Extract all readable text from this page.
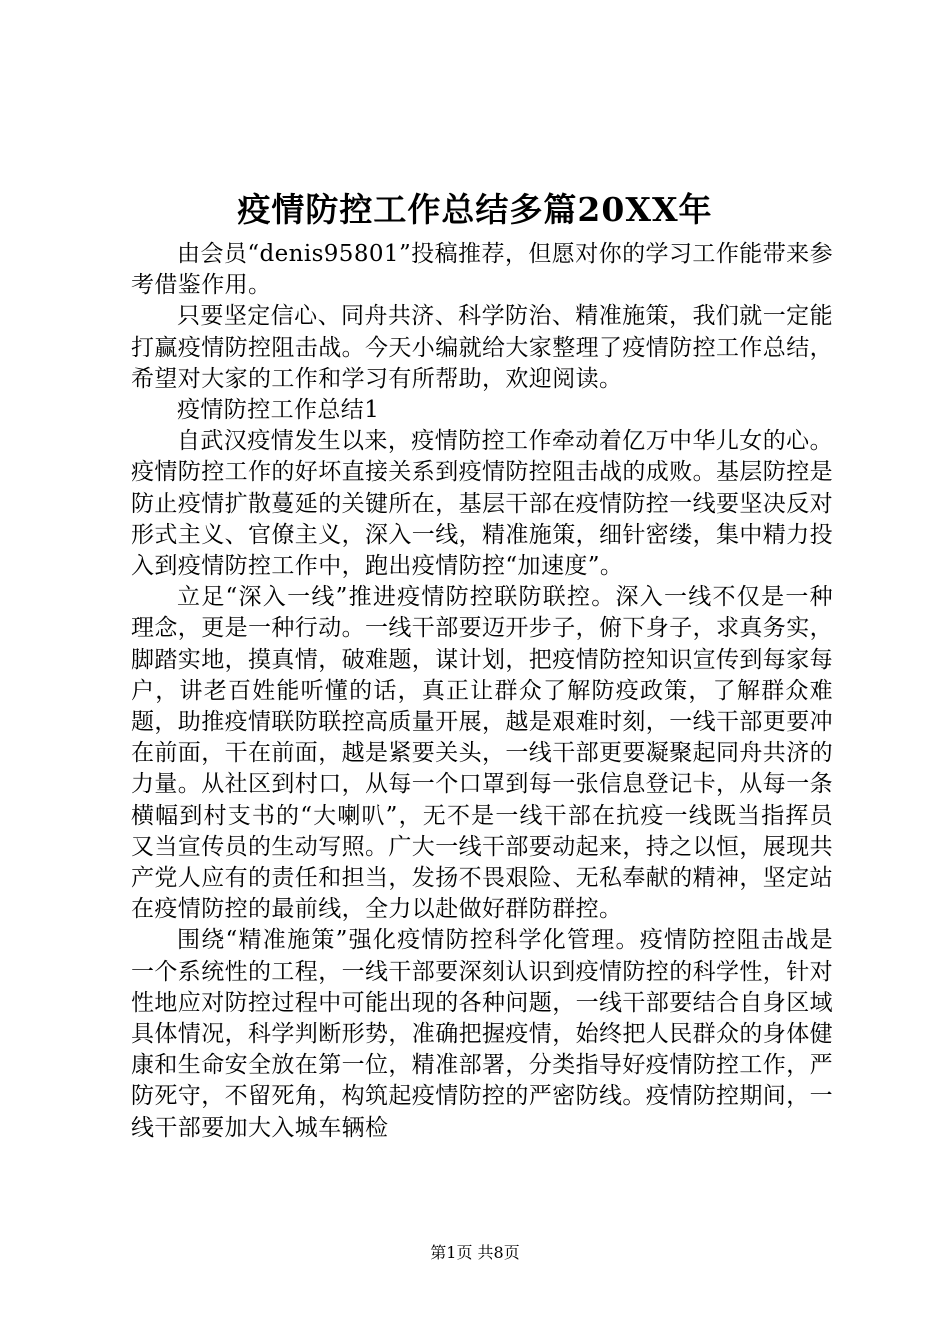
疫情防控工作总结多篇20XX年

由会员“denis95801”投稿推荐，但愿对你的学习工作能带来参考借鉴作用。

只要坚定信心、同舟共济、科学防治、精准施策，我们就一定能打赢疫情防控阻击战。今天小编就给大家整理了疫情防控工作总结，希望对大家的工作和学习有所帮助，欢迎阅读。

疫情防控工作总结1

自武汉疫情发生以来，疫情防控工作牵动着亿万中华儿女的心。疫情防控工作的好坏直接关系到疫情防控阻击战的成败。基层防控是防止疫情扩散蔓延的关键所在，基层干部在疫情防控一线要坚决反对形式主义、官僚主义，深入一线，精准施策，细针密缕，集中精力投入到疫情防控工作中，跑出疫情防控“加速度”。

立足“深入一线”推进疫情防控联防联控。深入一线不仅是一种理念，更是一种行动。一线干部要迈开步子，俯下身子，求真务实，脚踏实地，摸真情，破难题，谋计划，把疫情防控知识宣传到每家每户，讲老百姓能听懂的话，真正让群众了解防疫政策，了解群众难题，助推疫情联防联控高质量开展，越是艰难时刻，一线干部更要冲在前面，干在前面，越是紧要关头，一线干部更要凝聚起同舟共济的力量。从社区到村口，从每一个口罩到每一张信息登记卡，从每一条横幅到村支书的“大喇叭”，无不是一线干部在抗疫一线既当指挥员又当宣传员的生动写照。广大一线干部要动起来，持之以恒，展现共产党人应有的责任和担当，发扬不畏艰险、无私奉献的精神，坚定站在疫情防控的最前线，全力以赴做好群防群控。

围绕“精准施策”强化疫情防控科学化管理。疫情防控阻击战是一个系统性的工程，一线干部要深刻认识到疫情防控的科学性，针对性地应对防控过程中可能出现的各种问题，一线干部要结合自身区域具体情况，科学判断形势，准确把握疫情，始终把人民群众的身体健康和生命安全放在第一位，精准部署，分类指导好疫情防控工作，严防死守，不留死角，构筑起疫情防控的严密防线。疫情防控期间，一线干部要加大入城车辆检

第1页 共8页
